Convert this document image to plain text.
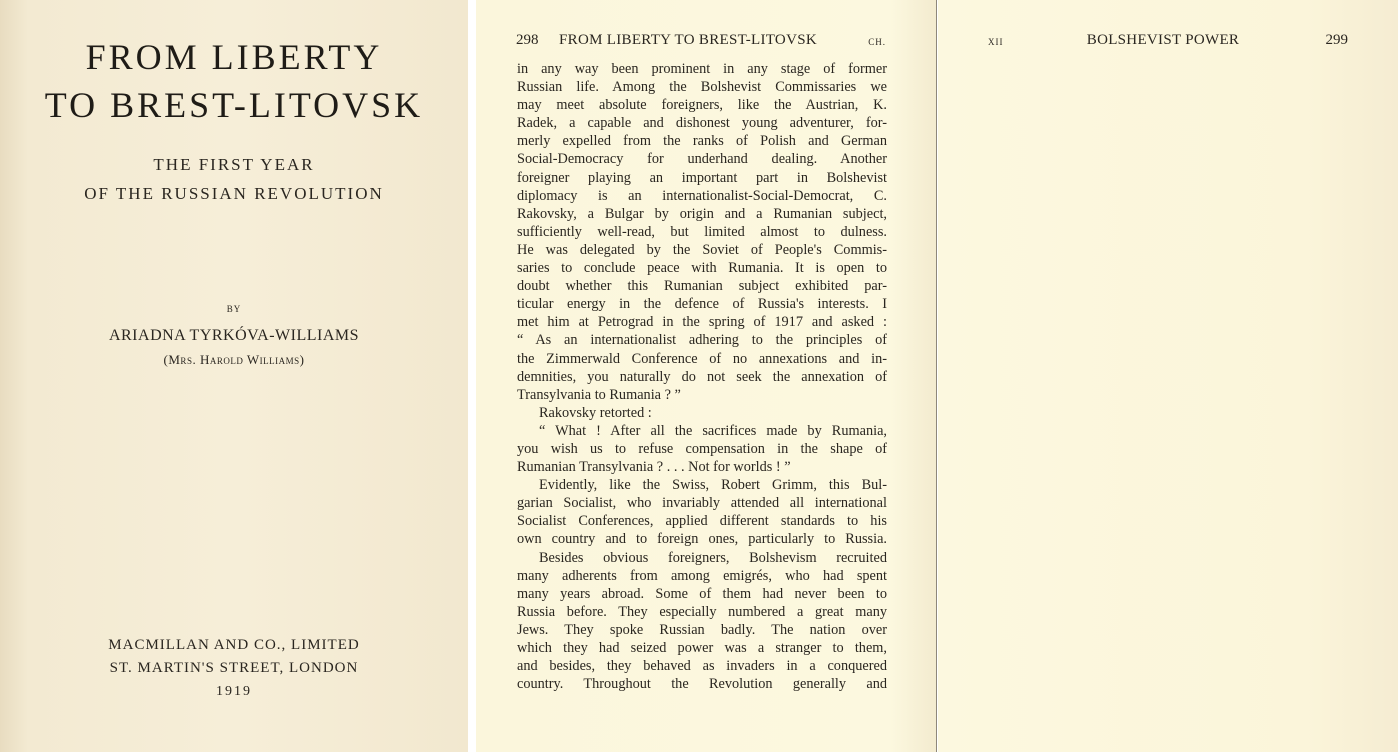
FROM LIBERTY
TO BREST-LITOVSK
THE FIRST YEAR
OF THE RUSSIAN REVOLUTION
BY
ARIADNA TYRKÓVA-WILLIAMS
(Mrs. Harold Williams)
MACMILLAN AND CO., LIMITED
ST. MARTIN'S STREET, LONDON
1919
298 FROM LIBERTY TO BREST-LITOVSK	CH.
in any way been prominent in any stage of former
Russian life. Among the Bolshevist Commissaries we
may meet absolute foreigners, like the Austrian, K.
Radek, a capable and dishonest young adventurer, for-
merly expelled from the ranks of Polish and German
Social-Democracy for underhand dealing. Another
foreigner playing an important part in Bolshevist
diplomacy is an internationalist-Social-Democrat, C.
Rakovsky, a Bulgar by origin and a Rumanian subject,
sufficiently well-read, but limited almost to dulness.
He was delegated by the Soviet of People's Commis-
saries to conclude peace with Rumania. It is open to
doubt whether this Rumanian subject exhibited par-
ticular energy in the defence of Russia's interests. I
met him at Petrograd in the spring of 1917 and asked :
“ As an internationalist adhering to the principles of
the Zimmerwald Conference of no annexations and in-
demnities, you naturally do not seek the annexation of
Transylvania to Rumania ? ”
Rakovsky retorted :
“ What ! After all the sacrifices made by Rumania,
you wish us to refuse compensation in the shape of
Rumanian Transylvania ? . . . Not for worlds ! ”
Evidently, like the Swiss, Robert Grimm, this Bul-
garian Socialist, who invariably attended all international
Socialist Conferences, applied different standards to his
own country and to foreign ones, particularly to Russia.
Besides obvious foreigners, Bolshevism recruited
many adherents from among emigrés, who had spent
many years abroad. Some of them had never been to
Russia before. They especially numbered a great many
Jews. They spoke Russian badly. The nation over
which they had seized power was a stranger to them,
and besides, they behaved as invaders in a conquered
country. Throughout the Revolution generally and
XII	BOLSHEVIST POWER	299
